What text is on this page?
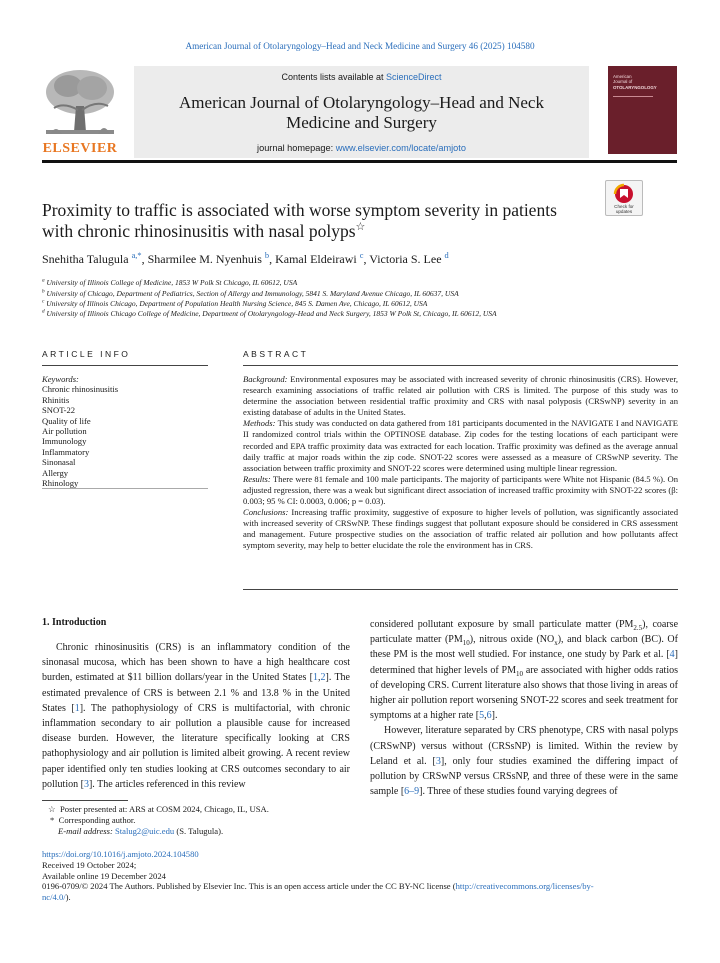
American Journal of Otolaryngology–Head and Neck Medicine and Surgery 46 (2025) 104580
ELSEVIER
Contents lists available at ScienceDirect
American Journal of Otolaryngology–Head and Neck
Medicine and Surgery
journal homepage: www.elsevier.com/locate/amjoto
American
Journal of
OTOLARYNGOLOGY
Check for updates
Proximity to traffic is associated with worse symptom severity in patients
with chronic rhinosinusitis with nasal polyps☆
Snehitha Talugula $^{a,*}$, Sharmilee M. Nyenhuis $^b$, Kamal Eldeirawi $^c$, Victoria S. Lee $^d$
$^a$ University of Illinois College of Medicine, 1853 W Polk St Chicago, IL 60612, USA
$^b$ University of Chicago, Department of Pediatrics, Section of Allergy and Immunology, 5841 S. Maryland Avenue Chicago, IL 60637, USA
$^c$ University of Illinois Chicago, Department of Population Health Nursing Science, 845 S. Damen Ave, Chicago, IL 60612, USA
$^d$ University of Illinois Chicago College of Medicine, Department of Otolaryngology-Head and Neck Surgery, 1853 W Polk St, Chicago, IL 60612, USA
ARTICLE INFO	ABSTRACT
Keywords:
Chronic rhinosinusitis
Rhinitis
SNOT-22
Quality of life
Air pollution
Immunology
Inflammatory
Sinonasal
Allergy
Rhinology

Background: Environmental exposures may be associated with increased severity of chronic rhinosinusitis (CRS). However, research examining associations of traffic related air pollution with CRS is limited. The purpose of this study was to determine the association between residential traffic proximity and CRS with nasal polyposis (CRSwNP) severity in an existing database of adults in the United States.

Methods: This study was conducted on data gathered from 181 participants documented in the NAVIGATE I and NAVIGATE II randomized control trials within the OPTINOSE database. Zip codes for the testing locations of each participant were recorded and EPA traffic proximity data was extracted for each location. Traffic proximity was defined as the average annual daily traffic at major roads within the zip code. SNOT-22 scores were assessed as a measure of CRSwNP severity. The association between traffic proximity and SNOT-22 scores were determined using multiple linear regression.

Results: There were 81 female and 100 male participants. The majority of participants were White not Hispanic (84.5 %). On adjusted regression, there was a weak but significant direct association of increased traffic proximity with SNOT-22 scores (β: 0.003; 95 % CI: 0.0003, 0.006; p = 0.03).

Conclusions: Increasing traffic proximity, suggestive of exposure to higher levels of pollution, was significantly associated with increased severity of CRSwNP. These findings suggest that pollutant exposure should be considered in CRS assessment and management. Future prospective studies on the association of traffic related air pollution and how pollutants affect symptom severity, may help to better elucidate the role the environment has in CRS.

1. Introduction

Chronic rhinosinusitis (CRS) is an inflammatory condition of the sinonasal mucosa, which has been shown to have a high healthcare cost burden, estimated at $11 billion dollars/year in the United States [1,2]. The estimated prevalence of CRS is between 2.1 % and 13.8 % in the United States [1]. The pathophysiology of CRS is multifactorial, with chronic inflammation secondary to air pollution a plausible cause for increased disease burden. However, the literature specifically looking at CRS pathophysiology and air pollution is limited albeit growing. A recent review paper identified only ten studies looking at CRS outcomes secondary to air pollution [3]. The articles referenced in this review

considered pollutant exposure by small particulate matter $(PM_{2.5})$, coarse particulate matter $(PM_{10})$, nitrous oxide $(NO_x)$, and black carbon (BC). Of these PM is the most well studied. For instance, one study by Park et al. [4] determined that higher levels of $PM_{10}$ are associated with higher odds ratios of developing CRS. Current literature also shows that those living in areas of higher air pollution report worsening SNOT-22 scores and seek treatment for symptoms at a higher rate [5,6].

However, literature separated by CRS phenotype, CRS with nasal polyps (CRSwNP) versus without (CRSsNP) is limited. Within the review by Leland et al. [3], only four studies examined the differing impact of pollution by CRSwNP versus CRSsNP, and three of these were in the same sample [6–9]. Three of these studies found varying degrees of

☆  Poster presented at: ARS at COSM 2024, Chicago, IL, USA.
*  Corresponding author.
E-mail address: Stalug2@uic.edu (S. Talugula).
https://doi.org/10.1016/j.amjoto.2024.104580
Received 19 October 2024;
Available online 19 December 2024
0196-0709/© 2024 The Authors. Published by Elsevier Inc. This is an open access article under the CC BY-NC license (http://creativecommons.org/licenses/by-
nc/4.0/).
